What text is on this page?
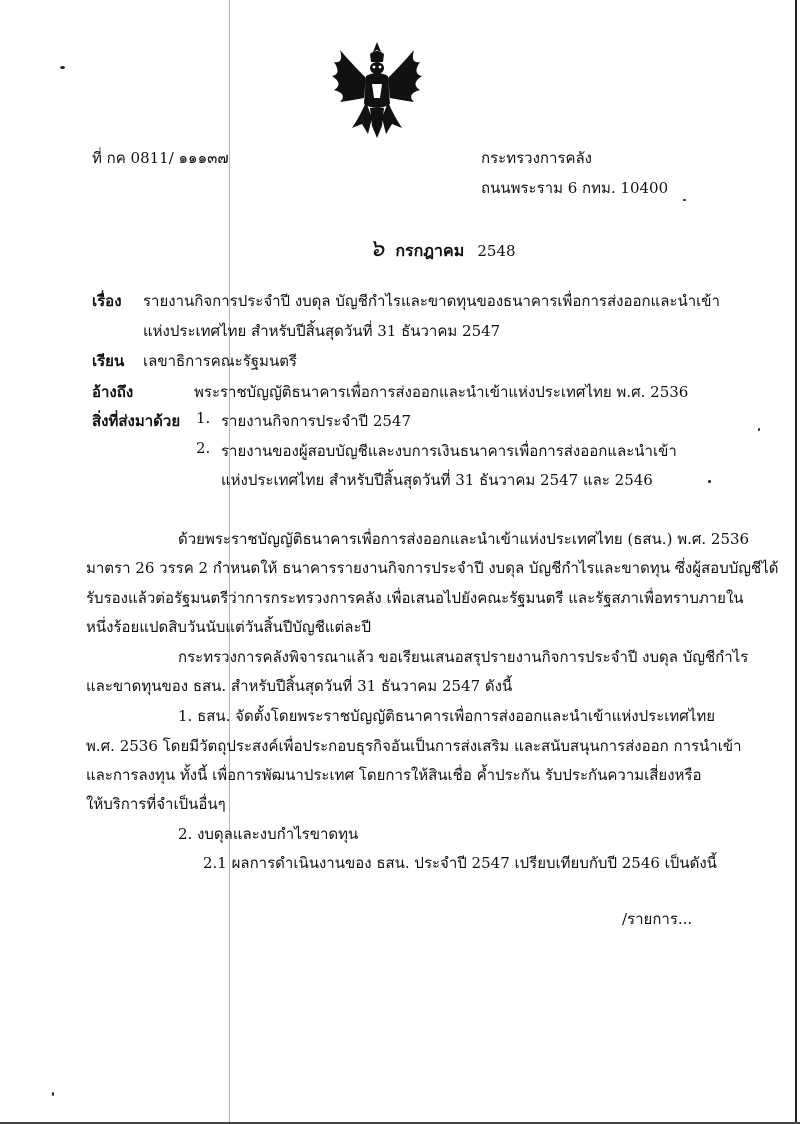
ที่ กค 0811/ ๑๑๑๓๗	กระทรวงการคลัง
ถนนพระราม 6 กทม. 10400
๖ กรกฎาคม 2548
เรื่อง รายงานกิจการประจำปี งบดุล บัญชีกำไรและขาดทุนของธนาคารเพื่อการส่งออกและนำเข้า
แห่งประเทศไทย สำหรับปีสิ้นสุดวันที่ 31 ธันวาคม 2547
เรียน เลขาธิการคณะรัฐมนตรี
อ้างถึง	พระราชบัญญัติธนาคารเพื่อการส่งออกและนำเข้าแห่งประเทศไทย พ.ศ. 2536
สิ่งที่ส่งมาด้วย 1. รายงานกิจการประจำปี 2547
2. รายงานของผู้สอบบัญชีและงบการเงินธนาคารเพื่อการส่งออกและนำเข้า
แห่งประเทศไทย สำหรับปีสิ้นสุดวันที่ 31 ธันวาคม 2547 และ 2546
ด้วยพระราชบัญญัติธนาคารเพื่อการส่งออกและนำเข้าแห่งประเทศไทย (ธสน.) พ.ศ. 2536
มาตรา 26 วรรค 2 กำหนดให้ ธนาคารรายงานกิจการประจำปี งบดุล บัญชีกำไรและขาดทุน ซึ่งผู้สอบบัญชีได้
รับรองแล้วต่อรัฐมนตรีว่าการกระทรวงการคลัง เพื่อเสนอไปยังคณะรัฐมนตรี และรัฐสภาเพื่อทราบภายใน
หนึ่งร้อยแปดสิบวันนับแต่วันสิ้นปีบัญชีแต่ละปี
กระทรวงการคลังพิจารณาแล้ว ขอเรียนเสนอสรุปรายงานกิจการประจำปี งบดุล บัญชีกำไร
และขาดทุนของ ธสน. สำหรับปีสิ้นสุดวันที่ 31 ธันวาคม 2547 ดังนี้
1. ธสน. จัดตั้งโดยพระราชบัญญัติธนาคารเพื่อการส่งออกและนำเข้าแห่งประเทศไทย
พ.ศ. 2536 โดยมีวัตถุประสงค์เพื่อประกอบธุรกิจอันเป็นการส่งเสริม และสนับสนุนการส่งออก การนำเข้า
และการลงทุน ทั้งนี้ เพื่อการพัฒนาประเทศ โดยการให้สินเชื่อ ค้ำประกัน รับประกันความเสี่ยงหรือ
ให้บริการที่จำเป็นอื่นๆ
2. งบดุลและงบกำไรขาดทุน
2.1 ผลการดำเนินงานของ ธสน. ประจำปี 2547 เปรียบเทียบกับปี 2546 เป็นดังนี้
/รายการ...
